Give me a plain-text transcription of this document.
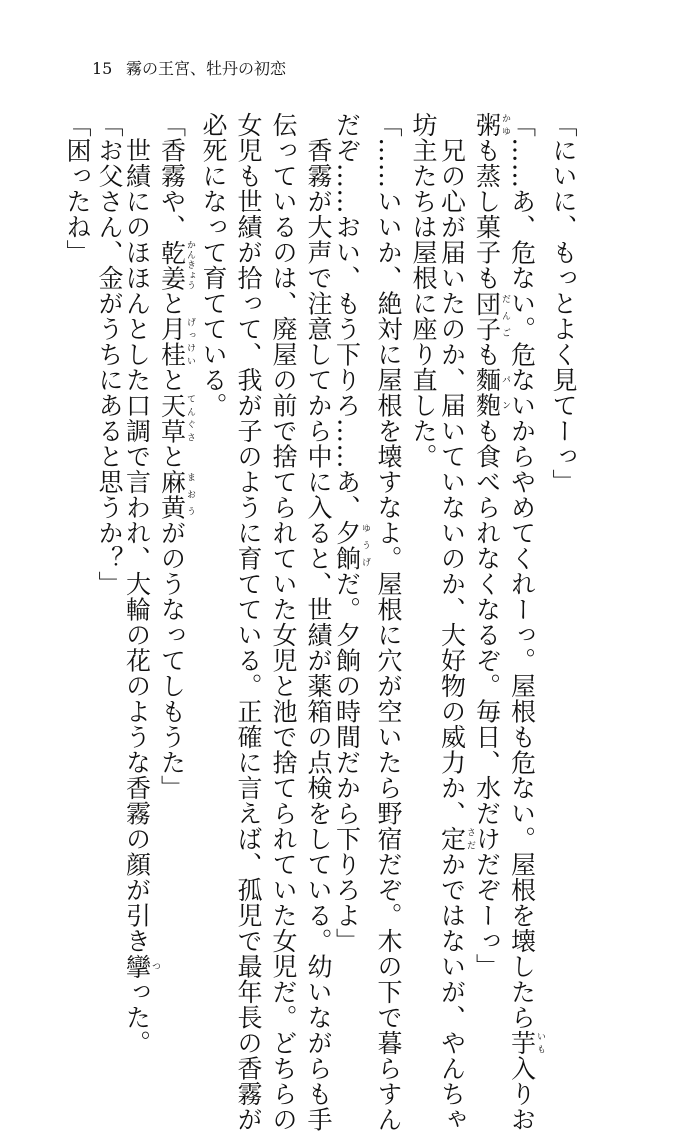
15 霧の王宮、牡丹の初恋
「にいに、もっとよく見てーっ」
「……あ、危ない。危ないからやめてくれーっ。屋根も危ない。屋根を壊したら芋いも入りお
粥かゆも蒸し菓子も団子だんごも麵麭パンも食べられなくなるぞ。毎日、水だけだぞーっ」
　兄の心が届いたのか、届いていないのか、大好物の威力か、定さだかではないが、やんちゃ
坊主たちは屋根に座り直した。
「……いいか、絶対に屋根を壊すなよ。屋根に穴が空いたら野宿だぞ。木の下で暮らすん
だぞ……おい、もう下りろ……あ、夕餉ゆうげだ。夕餉の時間だから下りろよ」
　香霧が大声で注意してから中に入ると、世績が薬箱の点検をしている。幼いながらも手
伝っているのは、廃屋の前で捨てられていた女児と池で捨てられていた女児だ。どちらの
女児も世績が拾って、我が子のように育てている。正確に言えば、孤児で最年長の香霧が
必死になって育てている。
「香霧や、乾姜かんきょうと月桂げっけいと天草てんぐさと麻黄まおうがのうなってしもうた」
　世績にのほほんとした口調で言われ、大輪の花のような香霧の顔が引き攣つった。
「お父さん、金がうちにあると思うか？」
「困ったね」
